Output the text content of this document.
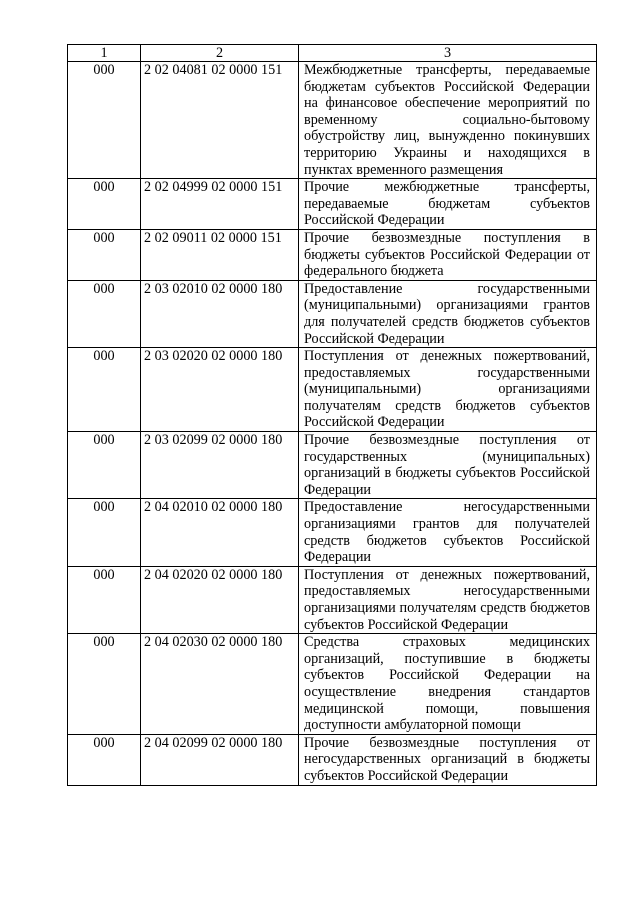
1	2	3
000	2 02 04081 02 0000 151	Межбюджетные трансферты, передаваемые бюджетам субъектов Российской Федерации на финансовое обеспечение мероприятий по временному социально-бытовому обустройству лиц, вынужденно покинувших территорию Украины и находящихся в пунктах временного размещения
000	2 02 04999 02 0000 151	Прочие межбюджетные трансферты, передаваемые бюджетам субъектов Российской Федерации
000	2 02 09011 02 0000 151	Прочие безвозмездные поступления в бюджеты субъектов Российской Федерации от федерального бюджета
000	2 03 02010 02 0000 180	Предоставление государственными (муниципальными) организациями грантов для получателей средств бюджетов субъектов Российской Федерации
000	2 03 02020 02 0000 180	Поступления от денежных пожертвований, предоставляемых государственными (муниципальными) организациями получателям средств бюджетов субъектов Российской Федерации
000	2 03 02099 02 0000 180	Прочие безвозмездные поступления от государственных (муниципальных) организаций в бюджеты субъектов Российской Федерации
000	2 04 02010 02 0000 180	Предоставление негосударственными организациями грантов для получателей средств бюджетов субъектов Российской Федерации
000	2 04 02020 02 0000 180	Поступления от денежных пожертвований, предоставляемых негосударственными организациями получателям средств бюджетов субъектов Российской Федерации
000	2 04 02030 02 0000 180	Средства страховых медицинских организаций, поступившие в бюджеты субъектов Российской Федерации на осуществление внедрения стандартов медицинской помощи, повышения доступности амбулаторной помощи
000	2 04 02099 02 0000 180	Прочие безвозмездные поступления от негосударственных организаций в бюджеты субъектов Российской Федерации
